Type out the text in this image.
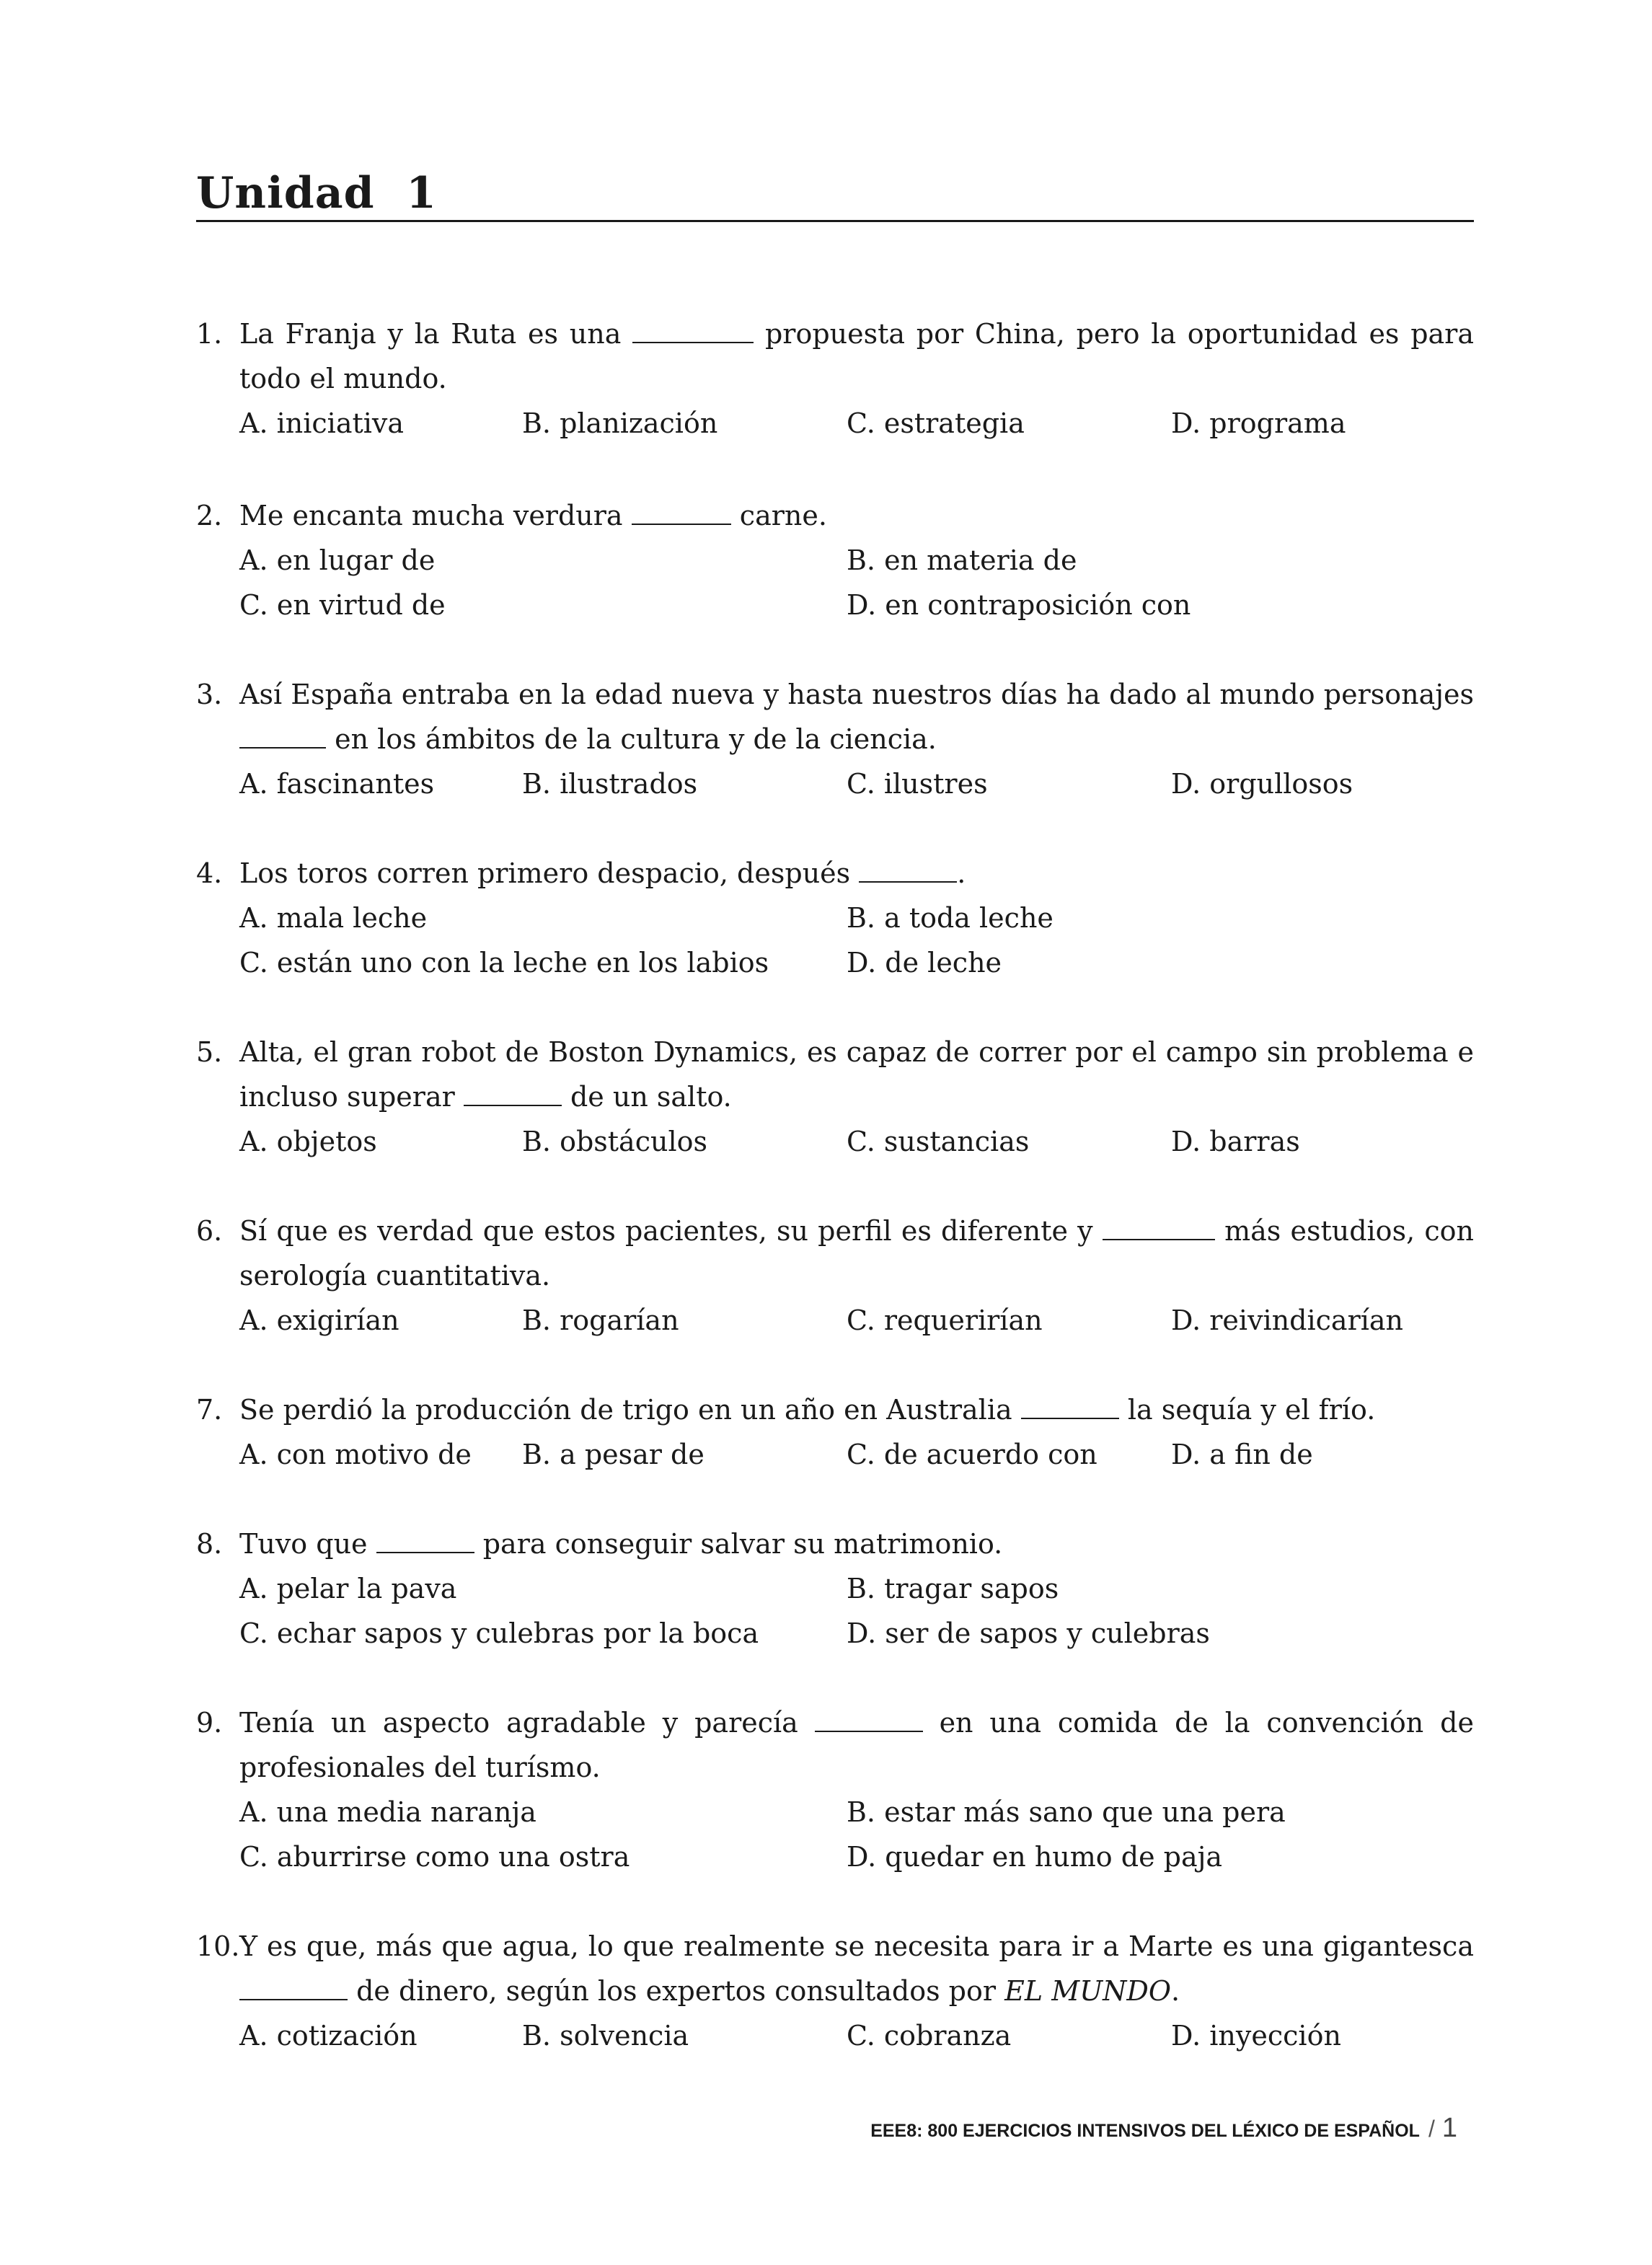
Unidad  1
1. La Franja y la Ruta es una	propuesta por China, pero la oportunidad es para todo el mundo.
A. iniciativa	B. planización	C. estrategia	D. programa
2. Me encanta mucha verdura	carne.
A. en lugar de	B. en materia de
C. en virtud de	D. en contraposición con
3. Así España entraba en la edad nueva y hasta nuestros días ha dado al mundo personajes  en los ámbitos de la cultura y de la ciencia.
A. fascinantes	B. ilustrados	C. ilustres	D. orgullosos
4. Los toros corren primero despacio, después	.
A. mala leche	B. a toda leche
C. están uno con la leche en los labios	D. de leche
5. Alta, el gran robot de Boston Dynamics, es capaz de correr por el campo sin problema e incluso superar	de un salto.
A. objetos	B. obstáculos	C. sustancias	D. barras
6. Sí que es verdad que estos pacientes, su perfil es diferente y	más estudios, con serología cuantitativa.
A. exigirían	B. rogarían	C. requerirían	D. reivindicarían
7. Se perdió la producción de trigo en un año en Australia	la sequía y el frío.
A. con motivo de	B. a pesar de	C. de acuerdo con	D. a fin de
8. Tuvo que	para conseguir salvar su matrimonio.
A. pelar la pava	B. tragar sapos
C. echar sapos y culebras por la boca	D. ser de sapos y culebras
9. Tenía un aspecto agradable y parecía	en una comida de la convención de profesionales del turísmo.
A. una media naranja	B. estar más sano que una pera
C. aburrirse como una ostra	D. quedar en humo de paja
10. Y es que, más que agua, lo que realmente se necesita para ir a Marte es una gigantesca  de dinero, según los expertos consultados por EL MUNDO.
A. cotización	B. solvencia	C. cobranza	D. inyección
EEE8: 800 EJERCICIOS INTENSIVOS DEL LÉXICO DE ESPAÑOL / 1
